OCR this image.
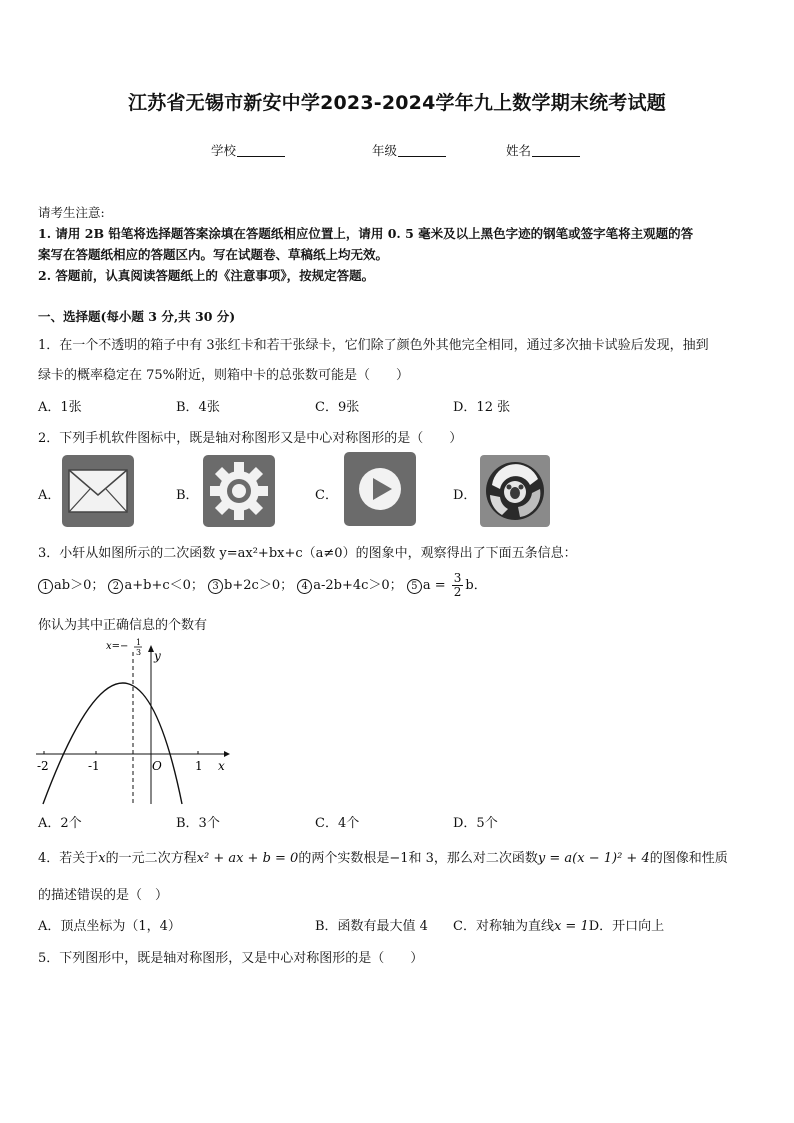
江苏省无锡市新安中学2023-2024学年九上数学期末统考试题
学校	年级	姓名
请考生注意:
1. 请用 2B 铅笔将选择题答案涂填在答题纸相应位置上，请用 0. 5 毫米及以上黑色字迹的钢笔或签字笔将主观题的答
案写在答题纸相应的答题区内。写在试题卷、草稿纸上均无效。
2. 答题前，认真阅读答题纸上的《注意事项》，按规定答题。
一、选择题(每小题 3 分,共 30 分)
1．在一个不透明的箱子中有 3张红卡和若干张绿卡，它们除了颜色外其他完全相同，通过多次抽卡试验后发现，抽到
绿卡的概率稳定在 75%附近，则箱中卡的总张数可能是（　　）
A．1张	B．4张	C．9张	D．12 张
2．下列手机软件图标中，既是轴对称图形又是中心对称图形的是（　　）
A．	B．	C．	D．
3．小轩从如图所示的二次函数 y=ax²+bx+c（a≠0）的图象中，观察得出了下面五条信息：
1 ab＞0； 2 a+b+c＜0； 3 b+2c＞0； 4 a-2b+4c＞0； 5 $a = \frac{3}{2}$ b．
你认为其中正确信息的个数有
-2	-1	1
O	x
y
x=− 1
3
A．2个	B．3个	C．4个	D．5个
4．若关于x的一元二次方程x² + ax + b = 0的两个实数根是−1和 3，那么对二次函数y = a(x − 1)² + 4的图像和性质
的描述错误的是（　）
A．顶点坐标为（1，4）	B．函数有最大值 4 C．对称轴为直线x = 1D．开口向上
5．下列图形中，既是轴对称图形，又是中心对称图形的是（　　）
